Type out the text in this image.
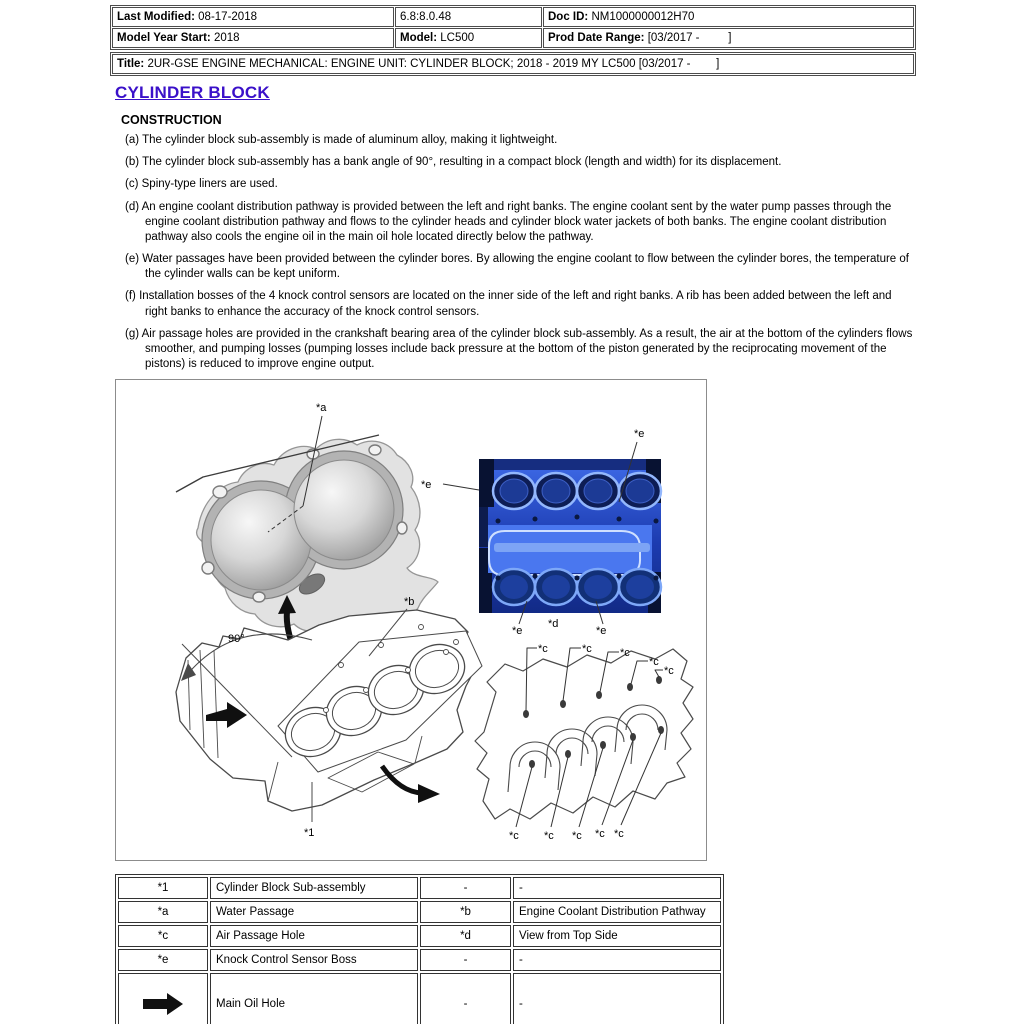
Last Modified: 08-17-2018	6.8:8.0.48	Doc ID: NM1000000012H70
Model Year Start: 2018	Model: LC500	Prod Date Range: [03/2017 -         ]
Title: 2UR-GSE ENGINE MECHANICAL: ENGINE UNIT: CYLINDER BLOCK; 2018 - 2019 MY LC500 [03/2017 -        ]
CYLINDER BLOCK
CONSTRUCTION
(a) The cylinder block sub-assembly is made of aluminum alloy, making it lightweight.
(b) The cylinder block sub-assembly has a bank angle of 90°, resulting in a compact block (length and width) for its displacement.
(c) Spiny-type liners are used.
(d) An engine coolant distribution pathway is provided between the left and right banks. The engine coolant sent by the water pump passes through the engine coolant distribution pathway and flows to the cylinder heads and cylinder block water jackets of both banks. The engine coolant distribution pathway also cools the engine oil in the main oil hole located directly below the pathway.
(e) Water passages have been provided between the cylinder bores. By allowing the engine coolant to flow between the cylinder bores, the temperature of the cylinder walls can be kept uniform.
(f) Installation bosses of the 4 knock control sensors are located on the inner side of the left and right banks. A rib has been added between the left and right banks to enhance the accuracy of the knock control sensors.
(g) Air passage holes are provided in the crankshaft bearing area of the cylinder block sub-assembly. As a result, the air at the bottom of the cylinders flows smoother, and pumping losses (pumping losses include back pressure at the bottom of the piston generated by the reciprocating movement of the pistons) is reduced to improve engine output.
*a
*e
*e
*e
*d
*e
90°
*b
*1
*c	*c	*c
*c
*c
*c *c *c *c *c
*1	Cylinder Block Sub-assembly	-	-
*a	Water Passage	*b	Engine Coolant Distribution Pathway
*c	Air Passage Hole	*d	View from Top Side
*e	Knock Control Sensor Boss	-	-
	Main Oil Hole	-	-
